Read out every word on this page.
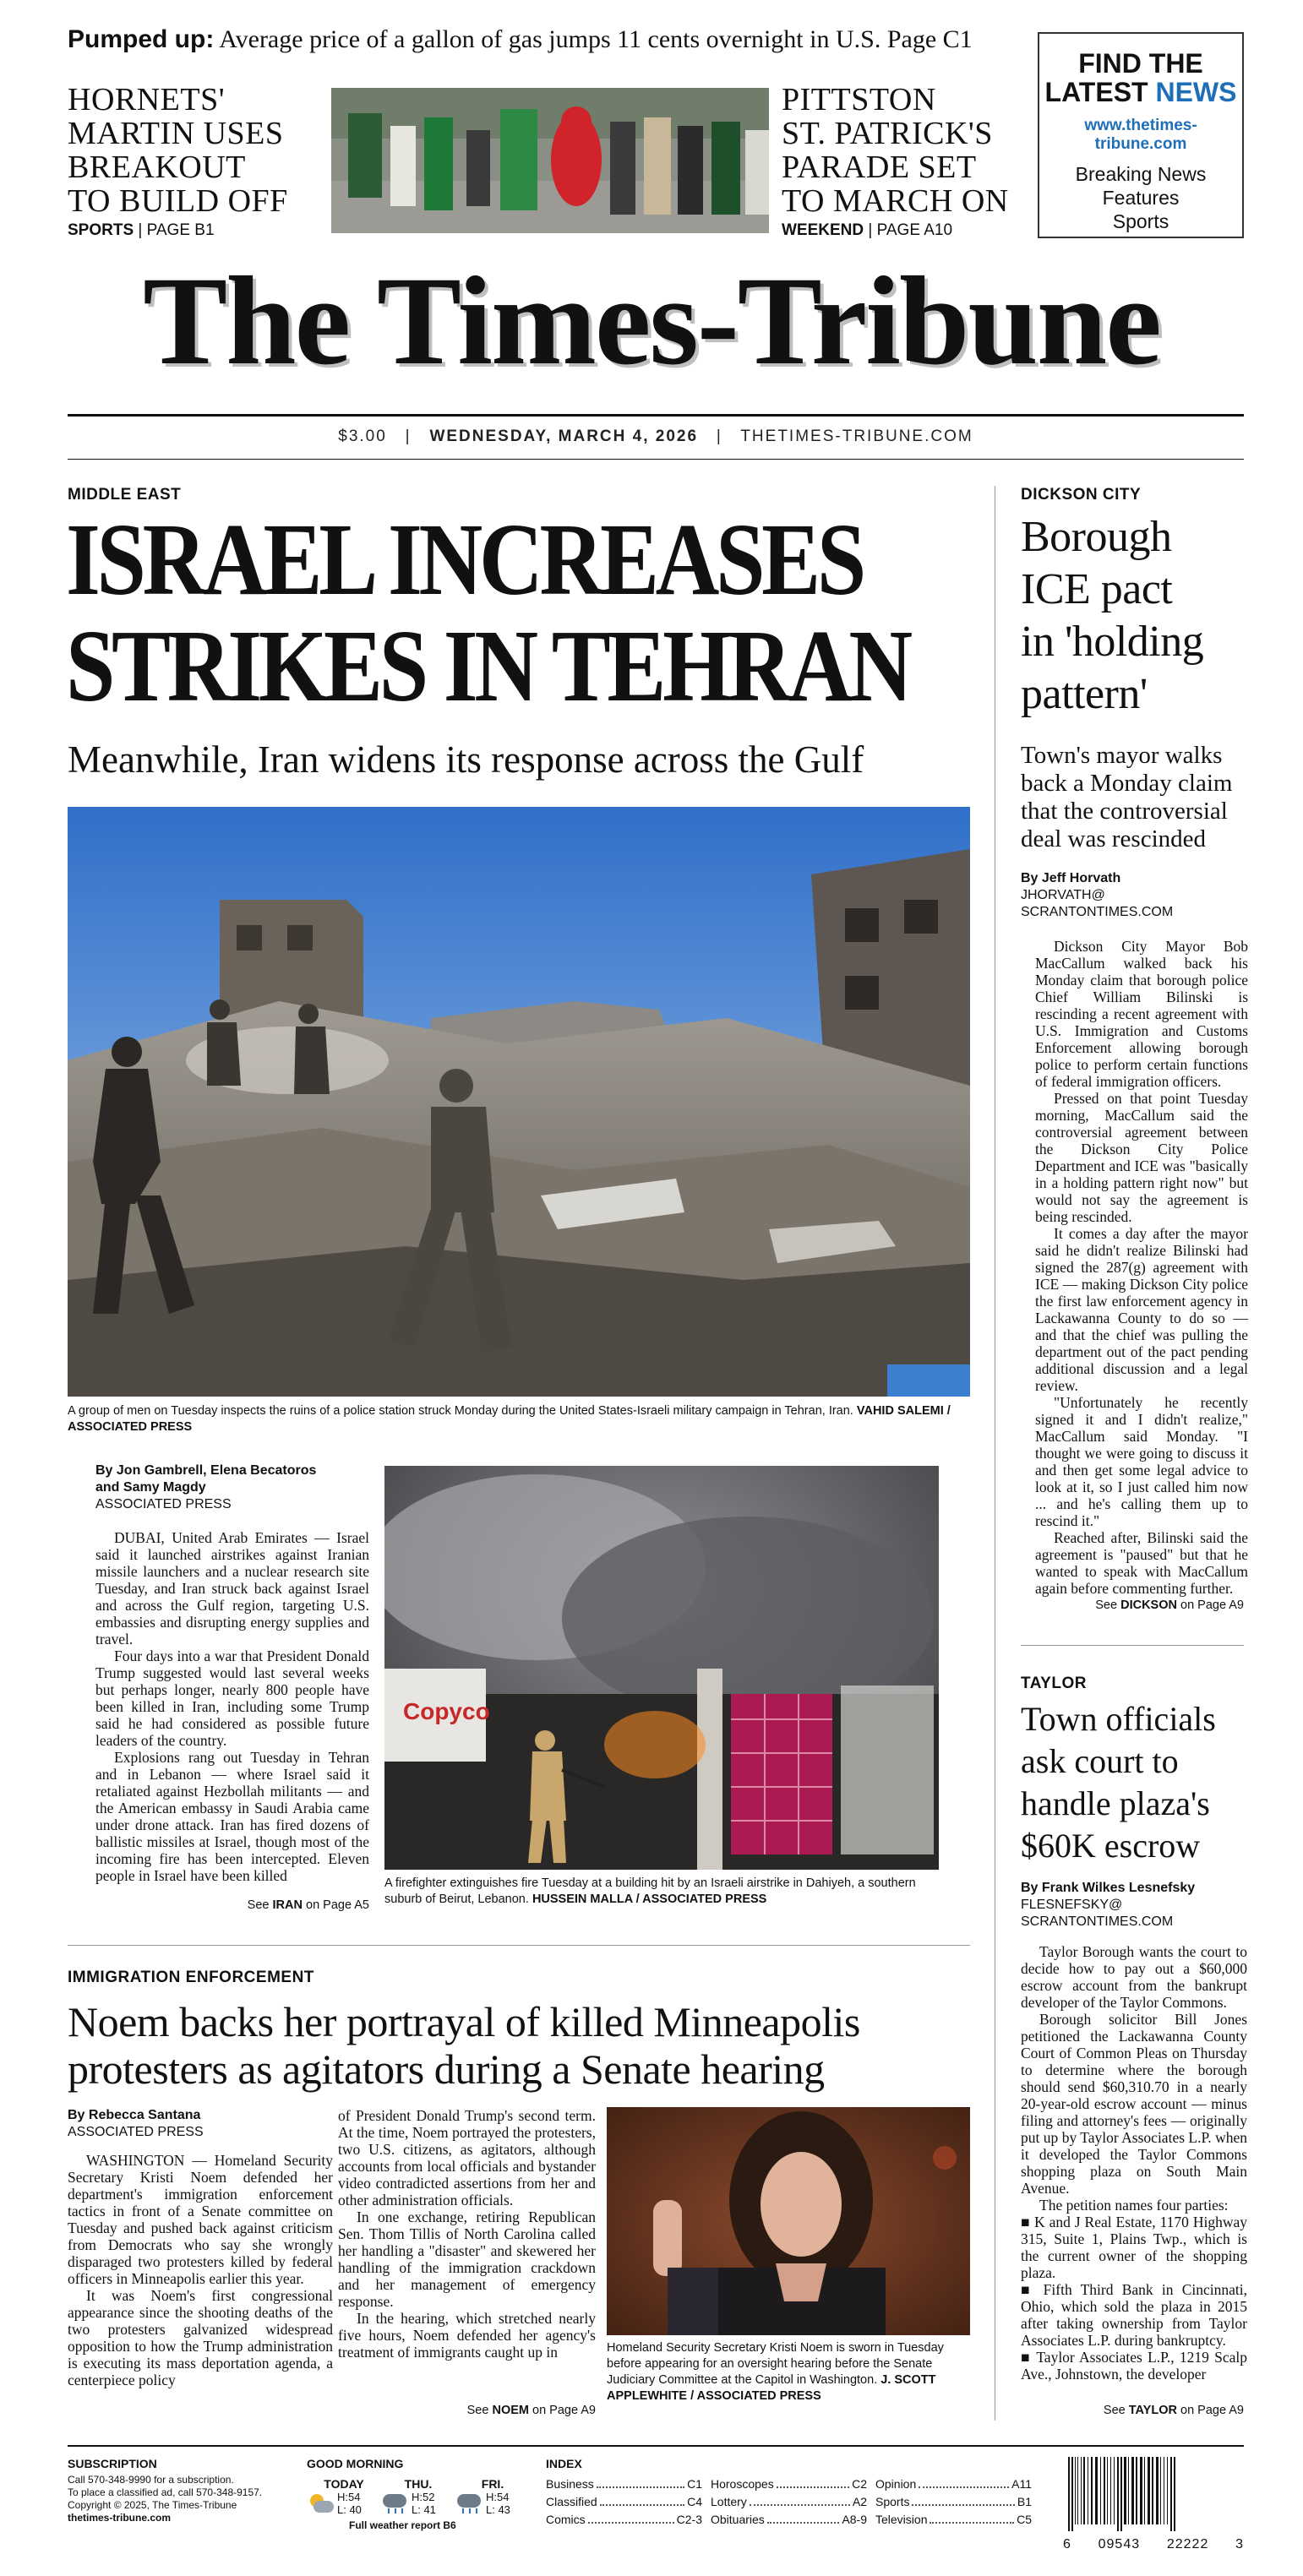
Pumped up: Average price of a gallon of gas jumps 11 cents overnight in U.S. Page C1
HORNETS'
MARTIN USES
BREAKOUT
TO BUILD OFF
SPORTS | PAGE B1
PITTSTON
ST. PATRICK'S
PARADE SET
TO MARCH ON
WEEKEND | PAGE A10
FIND THE
LATEST NEWS
www.thetimes-tribune.com
Breaking News
Features
Sports
The Times-Tribune
$3.00 | WEDNESDAY, MARCH 4, 2026 | THETIMES-TRIBUNE.COM
MIDDLE EAST
ISRAEL INCREASES
STRIKES IN TEHRAN
Meanwhile, Iran widens its response across the Gulf
A group of men on Tuesday inspects the ruins of a police station struck Monday during the United States-Israeli military campaign in Tehran, Iran. VAHID SALEMI / ASSOCIATED PRESS
By Jon Gambrell, Elena Becatoros
and Samy Magdy
ASSOCIATED PRESS

DUBAI, United Arab Emirates — Israel said it launched airstrikes against Iranian missile launchers and a nuclear research site Tuesday, and Iran struck back against Israel and across the Gulf region, targeting U.S. embassies and disrupting energy supplies and travel.

Four days into a war that President Donald Trump suggested would last several weeks but perhaps longer, nearly 800 people have been killed in Iran, including some Trump said he had considered as possible future leaders of the country.

Explosions rang out Tuesday in Tehran and in Lebanon — where Israel said it retaliated against Hezbollah militants — and the American embassy in Saudi Arabia came under drone attack. Iran has fired dozens of ballistic missiles at Israel, though most of the incoming fire has been intercepted. Eleven people in Israel have been killed

See IRAN on Page A5
Copyco
A firefighter extinguishes fire Tuesday at a building hit by an Israeli airstrike in Dahiyeh, a southern suburb of Beirut, Lebanon. HUSSEIN MALLA / ASSOCIATED PRESS
IMMIGRATION ENFORCEMENT
Noem backs her portrayal of killed Minneapolis
protesters as agitators during a Senate hearing
By Rebecca Santana
ASSOCIATED PRESS

WASHINGTON — Homeland Security Secretary Kristi Noem defended her department's immigration enforcement tactics in front of a Senate committee on Tuesday and pushed back against criticism from Democrats who say she wrongly disparaged two protesters killed by federal officers in Minneapolis earlier this year.

It was Noem's first congressional appearance since the shooting deaths of the two protesters galvanized widespread opposition to how the Trump administration is executing its mass deportation agenda, a centerpiece policy

of President Donald Trump's second term. At the time, Noem portrayed the protesters, two U.S. citizens, as agitators, although accounts from local officials and bystander video contradicted assertions from her and other administration officials.

In one exchange, retiring Republican Sen. Thom Tillis of North Carolina called her handling a "disaster" and skewered her handling of the immigration crackdown and her management of emergency response.

In the hearing, which stretched nearly five hours, Noem defended her agency's treatment of immigrants caught up in	Homeland Security Secretary Kristi Noem is sworn in Tuesday before appearing for an oversight hearing before the Senate Judiciary Committee at the Capitol in Washington. J. SCOTT APPLEWHITE / ASSOCIATED PRESS
See NOEM on Page A9
DICKSON CITY
Borough
ICE pact
in 'holding
pattern'
Town's mayor walks
back a Monday claim
that the controversial
deal was rescinded
By Jeff Horvath
JHORVATH@
SCRANTONTIMES.COM

Dickson City Mayor Bob MacCallum walked back his Monday claim that borough police Chief William Bilinski is rescinding a recent agreement with U.S. Immigration and Customs Enforcement allowing borough police to perform certain functions of federal immigration officers.

Pressed on that point Tuesday morning, MacCallum said the controversial agreement between the Dickson City Police Department and ICE was "basically in a holding pattern right now" but would not say the agreement is being rescinded.

It comes a day after the mayor said he didn't realize Bilinski had signed the 287(g) agreement with ICE — making Dickson City police the first law enforcement agency in Lackawanna County to do so — and that the chief was pulling the department out of the pact pending additional discussion and a legal review.

"Unfortunately he recently signed it and I didn't realize," MacCallum said Monday. "I thought we were going to discuss it and then get some legal advice to look at it, so I just called him now ... and he's calling them up to rescind it."

Reached after, Bilinski said the agreement is "paused" but that he wanted to speak with MacCallum again before commenting further.

See DICKSON on Page A9
TAYLOR
Town officials
ask court to
handle plaza's
$60K escrow
By Frank Wilkes Lesnefsky
FLESNEFSKY@
SCRANTONTIMES.COM

Taylor Borough wants the court to decide how to pay out a $60,000 escrow account from the bankrupt developer of the Taylor Commons.

Borough solicitor Bill Jones petitioned the Lackawanna County Court of Common Pleas on Thursday to determine where the borough should send $60,310.70 in a nearly 20-year-old escrow account — minus filing and attorney's fees — originally put up by Taylor Associates L.P. when it developed the Taylor Commons shopping plaza on South Main Avenue.

The petition names four parties:

■ K and J Real Estate, 1170 Highway 315, Suite 1, Plains Twp., which is the current owner of the shopping plaza.

■ Fifth Third Bank in Cincinnati, Ohio, which sold the plaza in 2015 after taking ownership from Taylor Associates L.P. during bankruptcy.

■ Taylor Associates L.P., 1219 Scalp Ave., Johnstown, the developer

See TAYLOR on Page A9
SUBSCRIPTION
Call 570-348-9990 for a subscription.
To place a classified ad, call 570-348-9157.
Copyright © 2025, The Times-Tribune
thetimes-tribune.com
GOOD MORNING
TODAY
H:54
L: 40
THU.
H:52
L: 41
FRI.
H:54
L: 43
Full weather report B6
INDEX
Business	C1
Classified	C4
Comics	C2-3
Horoscopes	C2
Lottery	A2
Obituaries	A8-9
Opinion	A11
Sports	B1
Television	C5
6 09543 22222 3
